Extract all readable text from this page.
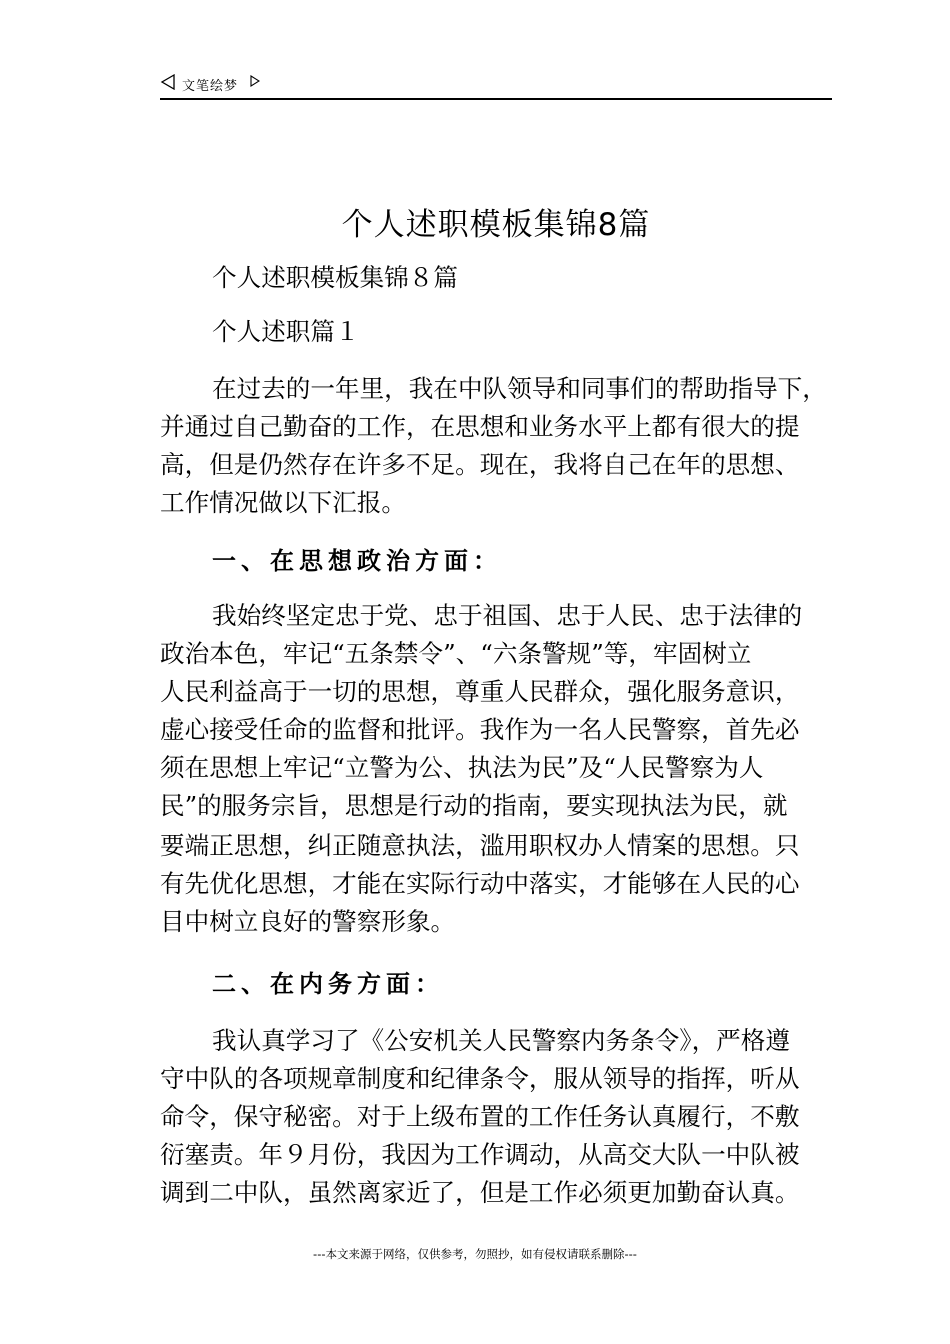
文笔绘梦
个人述职模板集锦8篇
个人述职模板集锦８篇
个人述职篇１
在过去的一年里，我在中队领导和同事们的帮助指导下，
并通过自己勤奋的工作，在思想和业务水平上都有很大的提
高，但是仍然存在许多不足。现在，我将自己在年的思想、
工作情况做以下汇报。
一、在思想政治方面：
我始终坚定忠于党、忠于祖国、忠于人民、忠于法律的
政治本色，牢记“五条禁令”、“六条警规”等，牢固树立
人民利益高于一切的思想，尊重人民群众，强化服务意识，
虚心接受任命的监督和批评。我作为一名人民警察，首先必
须在思想上牢记“立警为公、执法为民”及“人民警察为人
民”的服务宗旨，思想是行动的指南，要实现执法为民，就
要端正思想，纠正随意执法，滥用职权办人情案的思想。只
有先优化思想，才能在实际行动中落实，才能够在人民的心
目中树立良好的警察形象。
二、在内务方面：
我认真学习了《公安机关人民警察内务条令》，严格遵
守中队的各项规章制度和纪律条令，服从领导的指挥，听从
命令，保守秘密。对于上级布置的工作任务认真履行，不敷
衍塞责。年９月份，我因为工作调动，从高交大队一中队被
调到二中队，虽然离家近了，但是工作必须更加勤奋认真。
---本文来源于网络，仅供参考，勿照抄，如有侵权请联系删除---
